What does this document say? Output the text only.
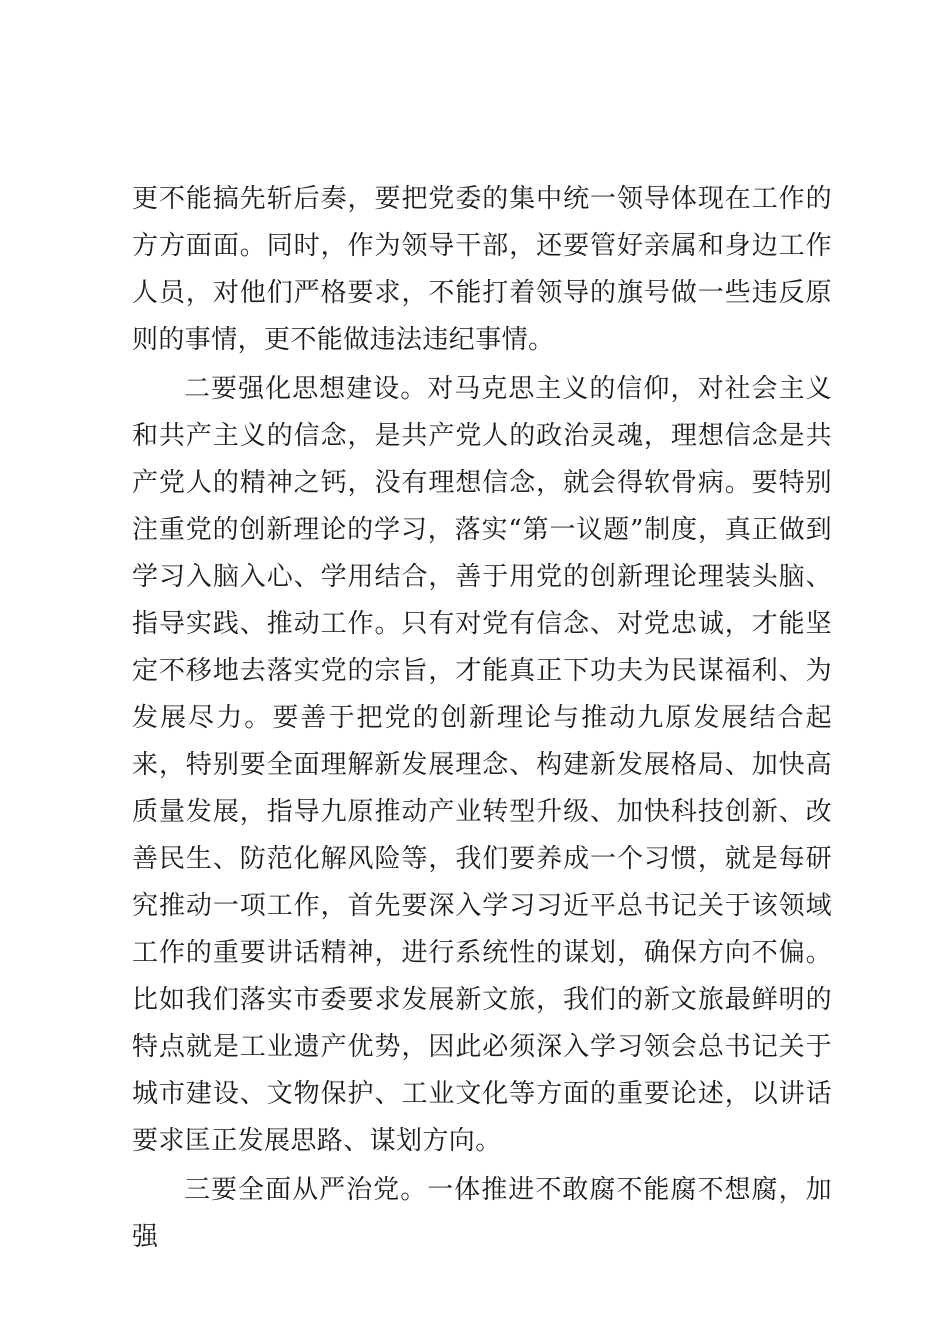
更不能搞先斩后奏，要把党委的集中统一领导体现在工作的方方面面。同时，作为领导干部，还要管好亲属和身边工作人员，对他们严格要求，不能打着领导的旗号做一些违反原则的事情，更不能做违法违纪事情。

二要强化思想建设。对马克思主义的信仰，对社会主义和共产主义的信念，是共产党人的政治灵魂，理想信念是共产党人的精神之钙，没有理想信念，就会得软骨病。要特别注重党的创新理论的学习，落实“第一议题”制度，真正做到学习入脑入心、学用结合，善于用党的创新理论理装头脑、指导实践、推动工作。只有对党有信念、对党忠诚，才能坚定不移地去落实党的宗旨，才能真正下功夫为民谋福利、为发展尽力。要善于把党的创新理论与推动九原发展结合起来，特别要全面理解新发展理念、构建新发展格局、加快高质量发展，指导九原推动产业转型升级、加快科技创新、改善民生、防范化解风险等，我们要养成一个习惯，就是每研究推动一项工作，首先要深入学习习近平总书记关于该领域工作的重要讲话精神，进行系统性的谋划，确保方向不偏。比如我们落实市委要求发展新文旅，我们的新文旅最鲜明的特点就是工业遗产优势，因此必须深入学习领会总书记关于城市建设、文物保护、工业文化等方面的重要论述，以讲话要求匡正发展思路、谋划方向。

三要全面从严治党。一体推进不敢腐不能腐不想腐，加强
